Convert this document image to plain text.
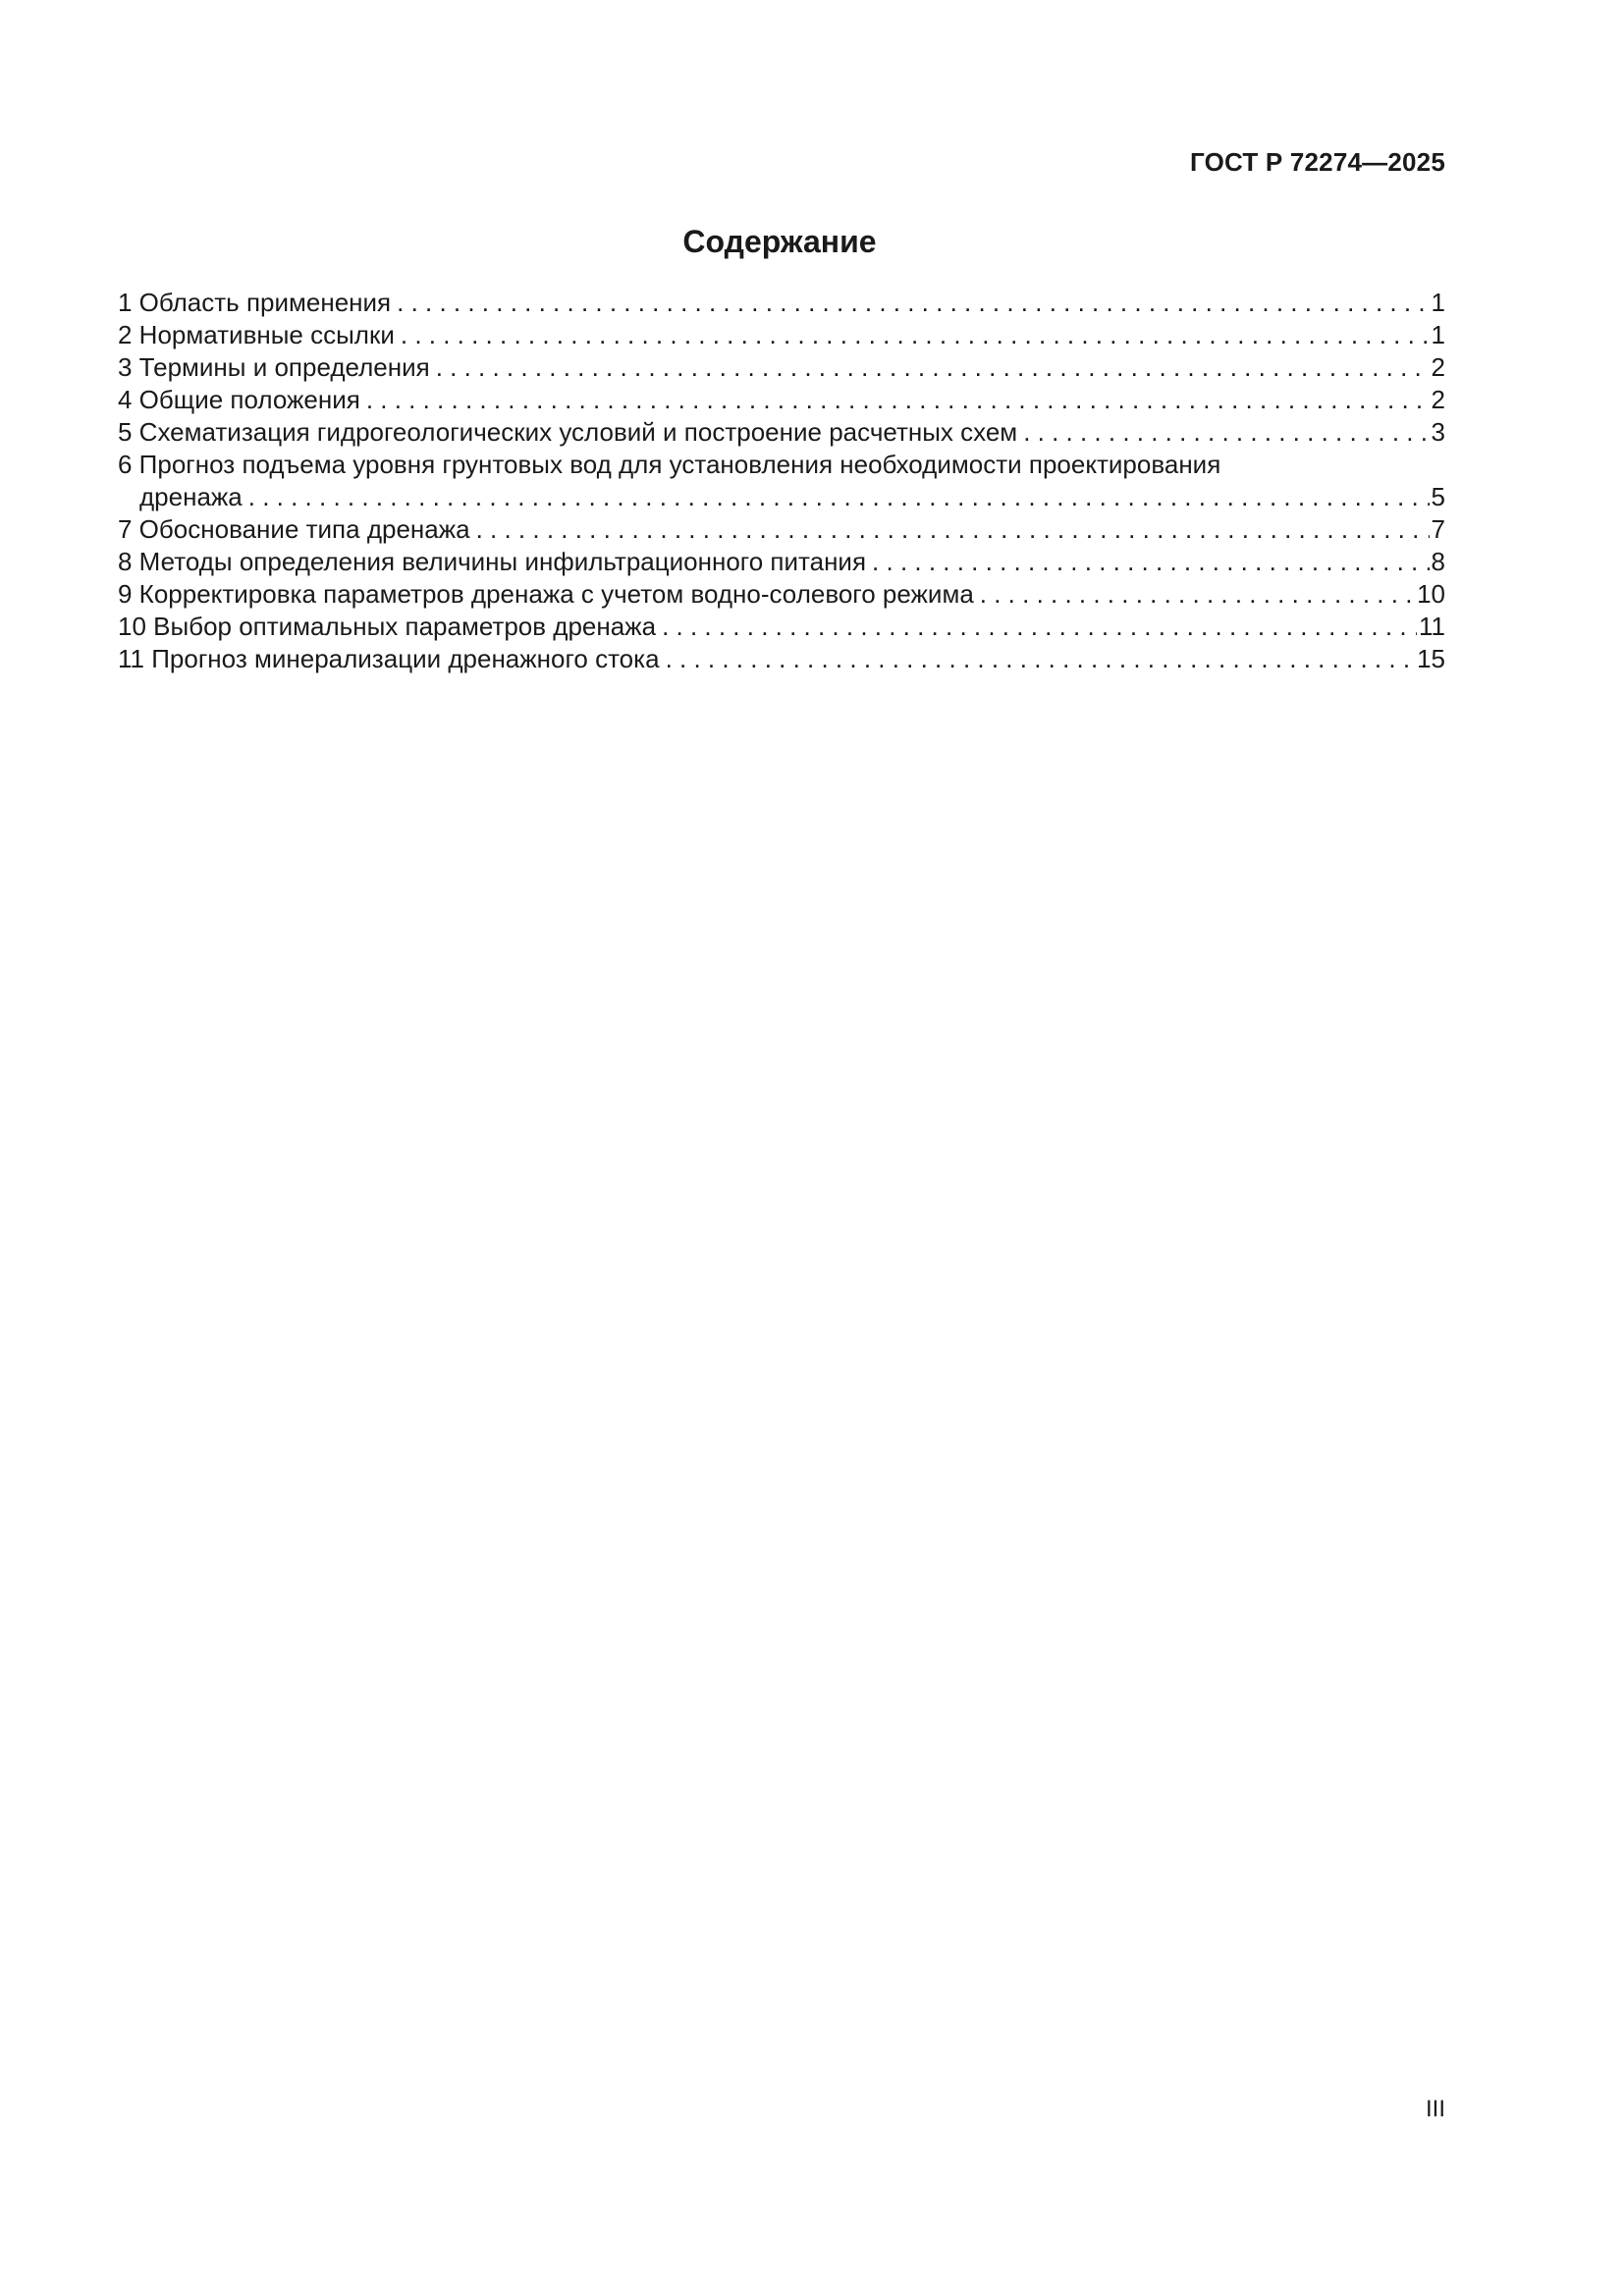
ГОСТ Р 72274—2025
Содержание
1 Область применения . . .	1
2 Нормативные ссылки . . .	1
3 Термины и определения . . .	2
4 Общие положения . . .	2
5 Схематизация гидрогеологических условий и построение расчетных схем . . .	3
6 Прогноз подъема уровня грунтовых вод для установления необходимости проектирования
дренажа . . .	5
7 Обоснование типа дренажа . . .	7
8 Методы определения величины инфильтрационного питания . . .	8
9 Корректировка параметров дренажа с учетом водно-солевого режима . . .	10
10 Выбор оптимальных параметров дренажа . . .	11
11 Прогноз минерализации дренажного стока . . .	15
III
